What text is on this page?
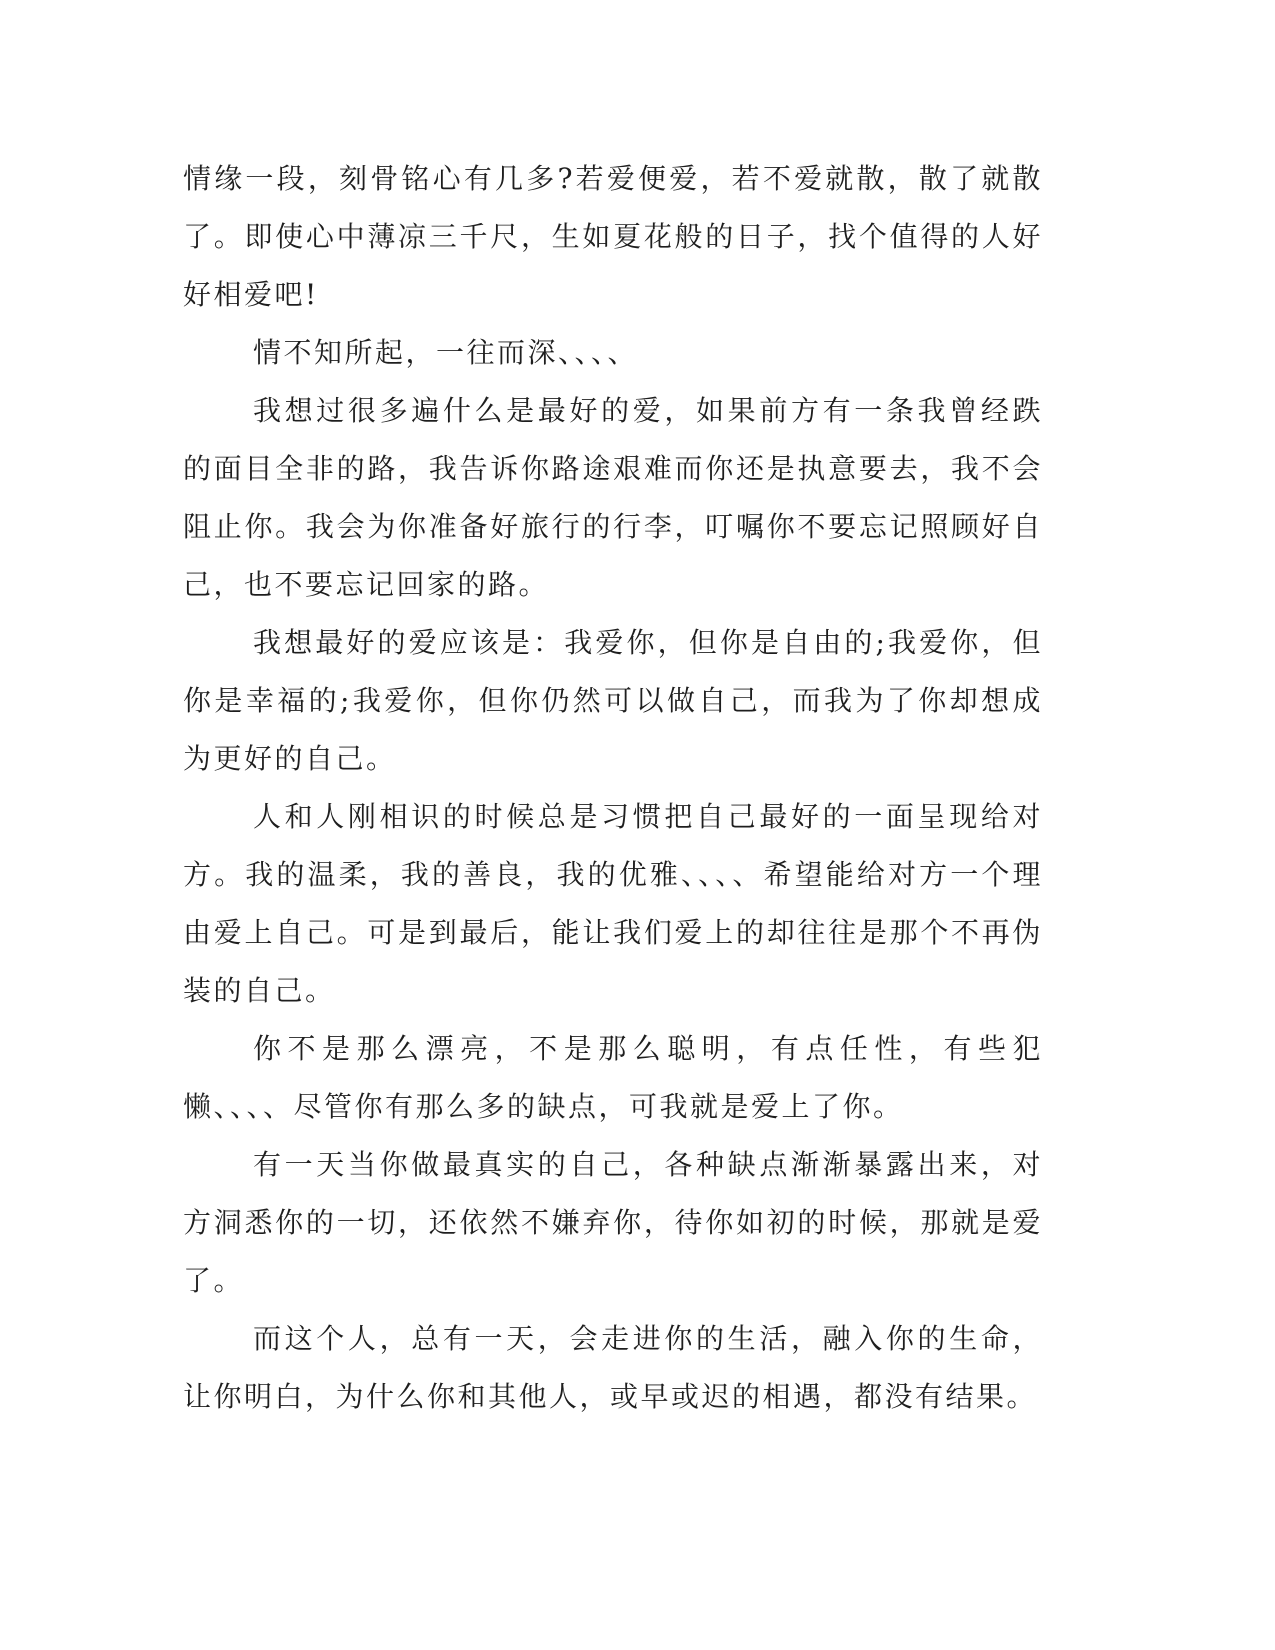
情缘一段，刻骨铭心有几多?若爱便爱，若不爱就散，散了就散了。即使心中薄凉三千尺，生如夏花般的日子，找个值得的人好好相爱吧!

情不知所起，一往而深、、、、

我想过很多遍什么是最好的爱，如果前方有一条我曾经跌的面目全非的路，我告诉你路途艰难而你还是执意要去，我不会阻止你。我会为你准备好旅行的行李，叮嘱你不要忘记照顾好自己，也不要忘记回家的路。

我想最好的爱应该是：我爱你，但你是自由的;我爱你，但你是幸福的;我爱你，但你仍然可以做自己，而我为了你却想成为更好的自己。

人和人刚相识的时候总是习惯把自己最好的一面呈现给对方。我的温柔，我的善良，我的优雅、、、、希望能给对方一个理由爱上自己。可是到最后，能让我们爱上的却往往是那个不再伪装的自己。

你不是那么漂亮，不是那么聪明，有点任性，有些犯懒、、、、尽管你有那么多的缺点，可我就是爱上了你。

有一天当你做最真实的自己，各种缺点渐渐暴露出来，对方洞悉你的一切，还依然不嫌弃你，待你如初的时候，那就是爱了。

而这个人，总有一天，会走进你的生活，融入你的生命，让你明白，为什么你和其他人，或早或迟的相遇，都没有结果。
